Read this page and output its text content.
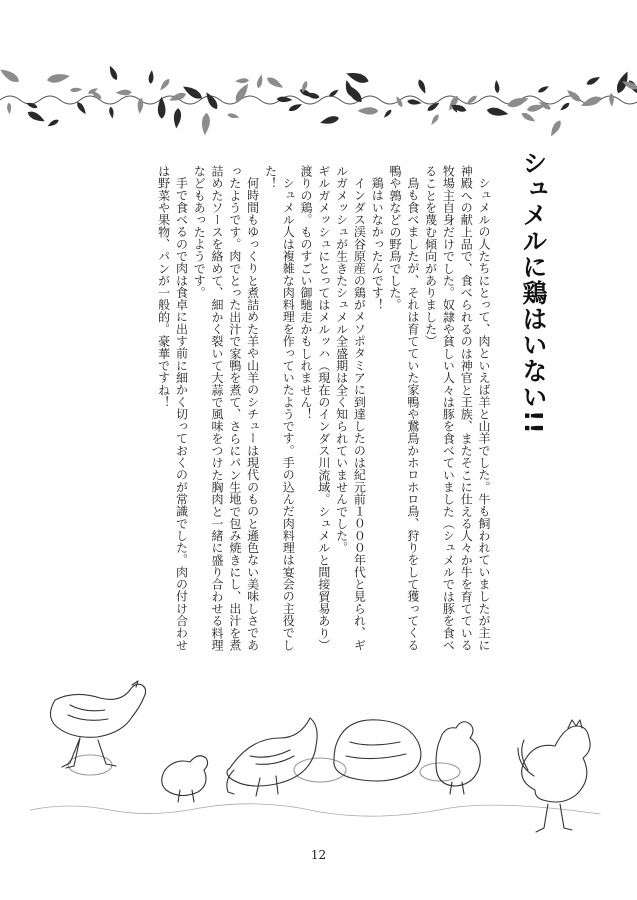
シュメルに鶏はいない!!

シュメルの人たちにとって、肉といえば羊と山羊でした。牛も飼われていましたが主に神殿への献上品で、食べられるのは神官と王族、またそこに仕える人々か牛を育てている牧場主自身だけでした。奴隷や貧しい人々は豚を食べていました（シュメルでは豚を食べることを蔑む傾向がありました）

鳥も食べましたが、それは育てていた家鴨や鵞鳥かホロホロ鳥、狩りをして獲ってくる鴨や鶉などの野鳥でした。

鶏はいなかったんです！

インダス渓谷原産の鶏がメソポタミアに到達したのは紀元前１０００年代と見られ、ギルガメッシュが生きたシュメル全盛期は全く知られていませんでした。

ギルガメッシュにとってはメルッハ（現在のインダス川流域。シュメルと間接貿易あり）渡りの鶏。ものすごい御馳走かもしれません！

シュメル人は複雑な肉料理を作っていたようです。手の込んだ肉料理は宴会の主役でした！

何時間もゆっくりと煮詰めた羊や山羊のシチューは現代のものと遜色ない美味しさであったようです。肉でとった出汁で家鴨を煮て、さらにパン生地で包み焼きにし、出汁を煮詰めたソースを絡めて、細かく裂いて大蒜で風味をつけた胸肉と一緒に盛り合わせる料理などもあったようです。

手で食べるので肉は食卓に出す前に細かく切っておくのが常識でした。肉の付け合わせは野菜や果物、パンが一般的。豪華ですね！

12
